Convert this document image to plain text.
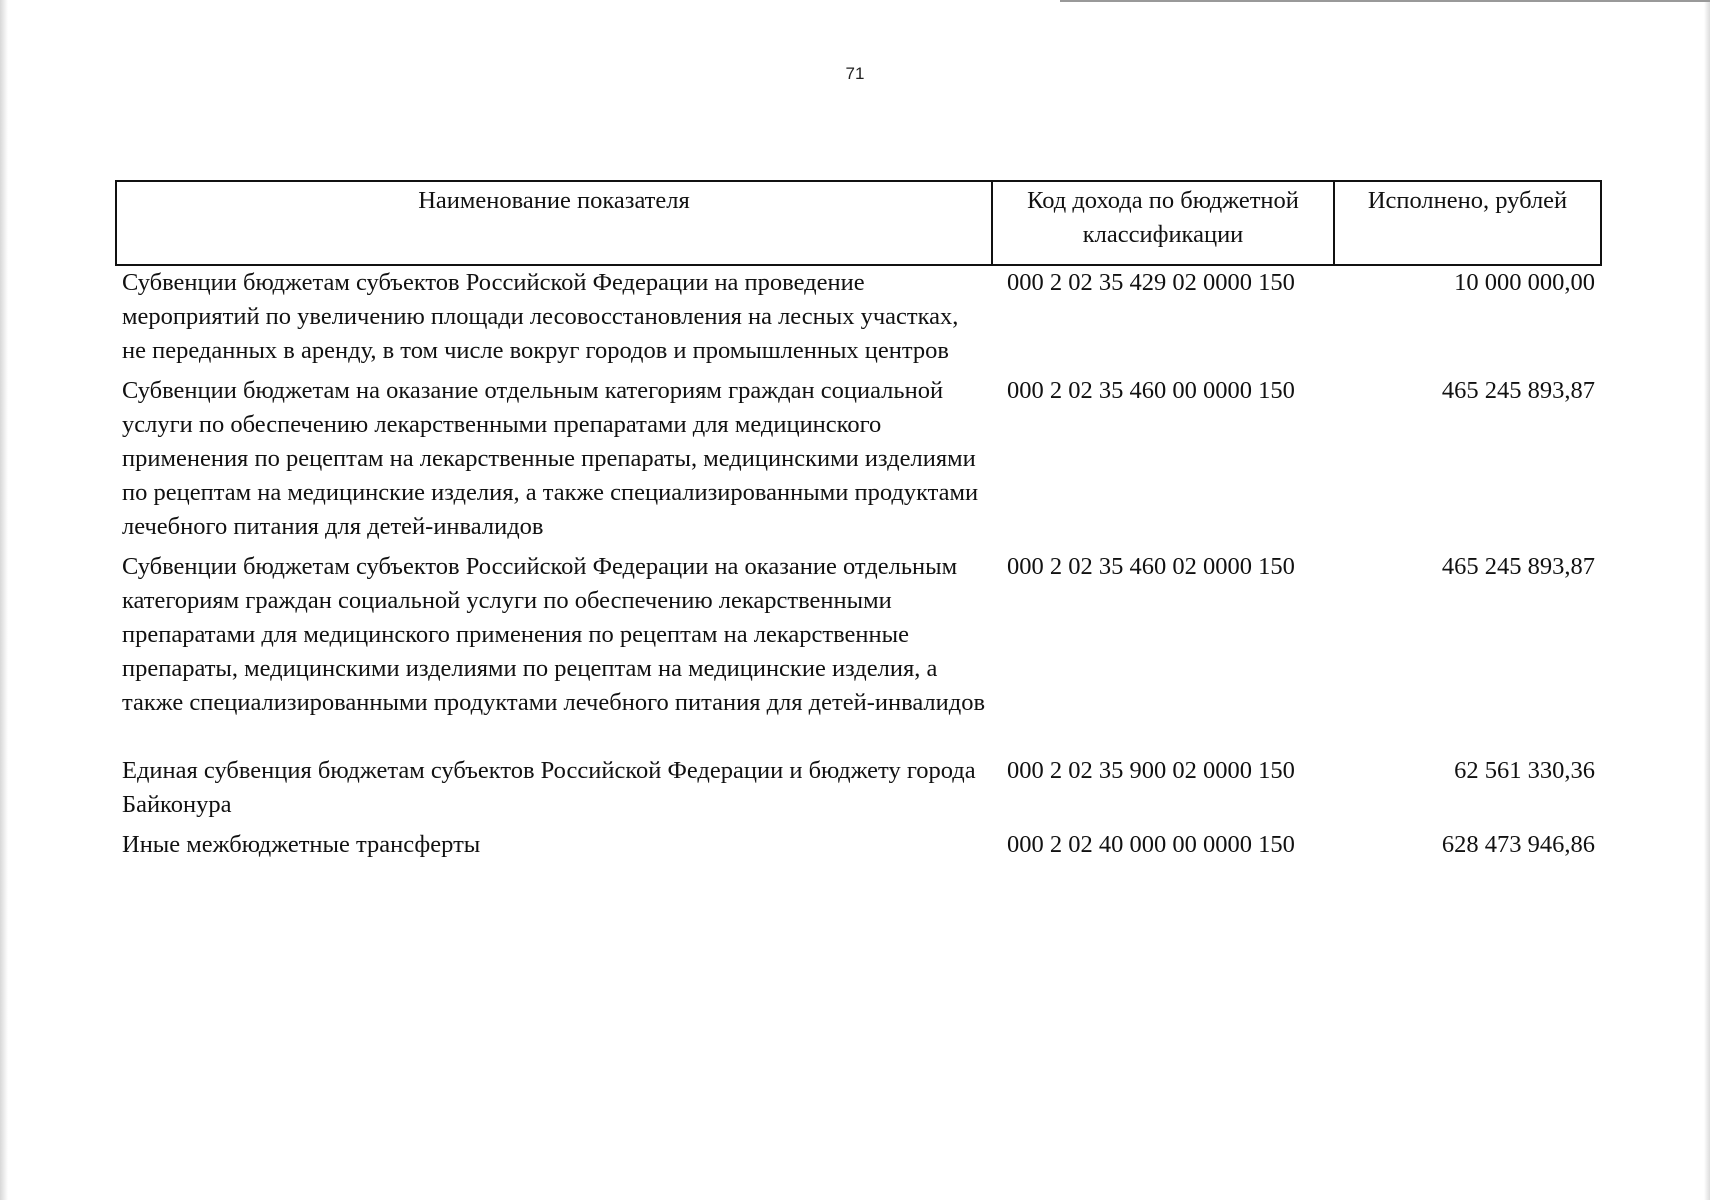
71
Наименование показателя	Код дохода по бюджетной классификации	Исполнено, рублей
Субвенции бюджетам субъектов Российской Федерации на проведение мероприятий по увеличению площади лесовосстановления на лесных участках, не переданных в аренду, в том числе вокруг городов и промышленных центров	000 2 02 35 429 02 0000 150	10 000 000,00
Субвенции бюджетам на оказание отдельным категориям граждан социальной услуги по обеспечению лекарственными препаратами для медицинского применения по рецептам на лекарственные препараты, медицинскими изделиями по рецептам на медицинские изделия, а также специализированными продуктами лечебного питания для детей-инвалидов	000 2 02 35 460 00 0000 150	465 245 893,87
Субвенции бюджетам субъектов Российской Федерации на оказание отдельным категориям граждан социальной услуги по обеспечению лекарственными препаратами для медицинского применения по рецептам на лекарственные препараты, медицинскими изделиями по рецептам на медицинские изделия, а также специализированными продуктами лечебного питания для детей-инвалидов	000 2 02 35 460 02 0000 150	465 245 893,87
Единая субвенция бюджетам субъектов Российской Федерации и бюджету города Байконура	000 2 02 35 900 02 0000 150	62 561 330,36
Иные межбюджетные трансферты	000 2 02 40 000 00 0000 150	628 473 946,86
